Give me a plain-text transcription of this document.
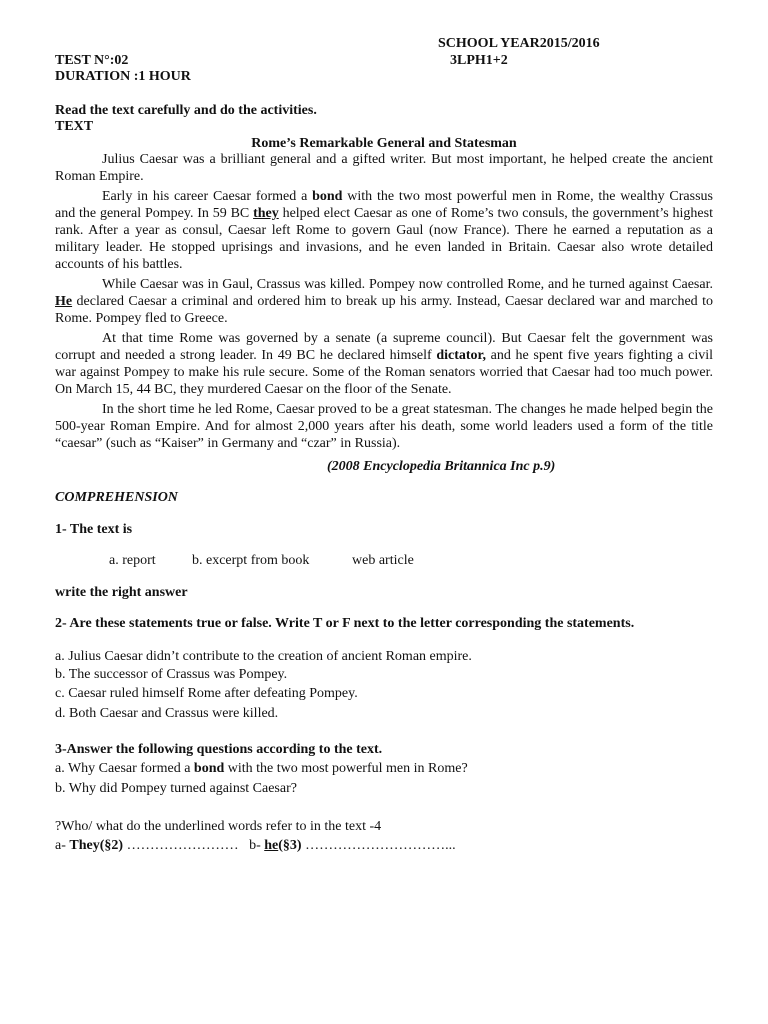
SCHOOL YEAR2015/2016
TEST N°:02	3LPH1+2
DURATION :1 HOUR
Read the text carefully and do the activities.
TEXT
Rome’s Remarkable General and Statesman

Julius Caesar was a brilliant general and a gifted writer. But most important, he helped create the ancient Roman Empire.

Early in his career Caesar formed a bond with the two most powerful men in Rome, the wealthy Crassus and the general Pompey. In 59 BC they helped elect Caesar as one of Rome’s two consuls, the government’s highest rank. After a year as consul, Caesar left Rome to govern Gaul (now France). There he earned a reputation as a military leader. He stopped uprisings and invasions, and he even landed in Britain. Caesar also wrote detailed accounts of his battles.

While Caesar was in Gaul, Crassus was killed. Pompey now controlled Rome, and he turned against Caesar. He declared Caesar a criminal and ordered him to break up his army. Instead, Caesar declared war and marched to Rome. Pompey fled to Greece.

At that time Rome was governed by a senate (a supreme council). But Caesar felt the government was corrupt and needed a strong leader. In 49 BC he declared himself dictator, and he spent five years fighting a civil war against Pompey to make his rule secure. Some of the Roman senators worried that Caesar had too much power. On March 15, 44 BC, they murdered Caesar on the floor of the Senate.

In the short time he led Rome, Caesar proved to be a great statesman. The changes he made helped begin the 500-year Roman Empire. And for almost 2,000 years after his death, some world leaders used a form of the title “caesar” (such as “Kaiser” in Germany and “czar” in Russia).

(2008 Encyclopedia Britannica Inc p.9)
COMPREHENSION
1- The text is
a. report	b. excerpt from book	web article
write the right answer
2- Are these statements true or false. Write T or F next to the letter corresponding the statements.
a. Julius Caesar didn’t contribute to the creation of ancient Roman empire.
b. The successor of Crassus was Pompey.
c. Caesar ruled himself Rome after defeating Pompey.
d. Both Caesar and Crassus were killed.
3-Answer the following questions according to the text.
a. Why Caesar formed a bond with the two most powerful men in Rome?
b. Why did Pompey turned against Caesar?
?Who/ what do the underlined words refer to in the text -4
a- They(§2) ……………………   b- he(§3) …………………………...
